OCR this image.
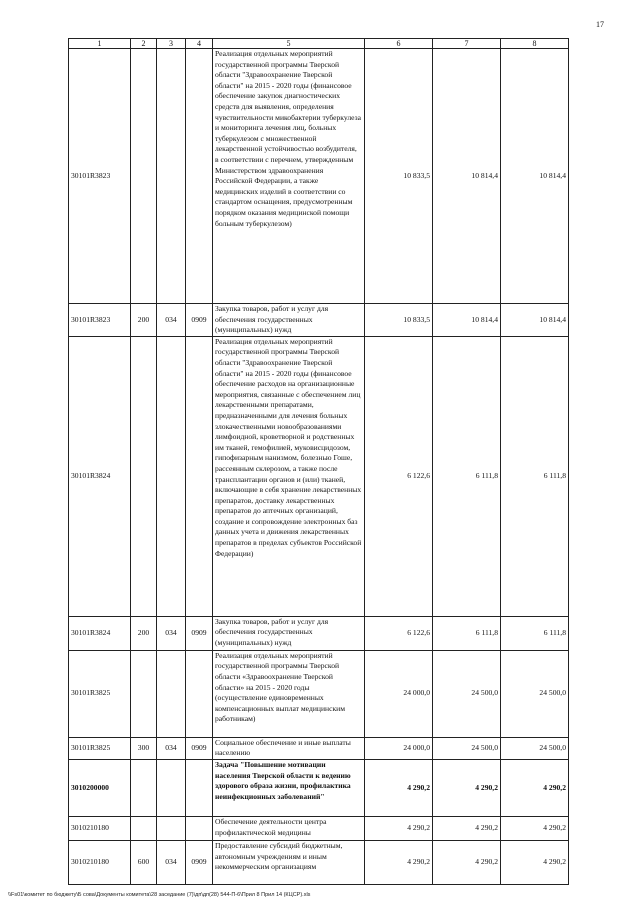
17
1	2	3	4	5	6	7	8
30101R3823				Реализация отдельных мероприятий государственной программы Тверской области "Здравоохранение Тверской области" на 2015 - 2020 годы (финансовое обеспечение закупок диагностических средств для выявления, определения чувствительности микобактерии туберкулеза и мониторинга лечения лиц, больных туберкулезом с множественной лекарственной устойчивостью возбудителя, в соответствии с перечнем, утвержденным Министерством здравоохранения Российской Федерации, а также медицинских изделий в соответствии со стандартом оснащения, предусмотренным порядком оказания медицинской помощи больным туберкулезом)	10 833,5	10 814,4	10 814,4
30101R3823	200	034	0909	Закупка товаров, работ и услуг для обеспечения государственных (муниципальных) нужд	10 833,5	10 814,4	10 814,4
30101R3824				Реализация отдельных мероприятий государственной программы Тверской области "Здравоохранение Тверской области" на 2015 - 2020 годы (финансовое обеспечение расходов на организационные мероприятия, связанные с обеспечением лиц лекарственными препаратами, предназначенными для лечения больных злокачественными новообразованиями лимфоидной, кроветворной и родственных им тканей, гемофилией, муковисцидозом, гипофизарным нанизмом, болезнью Гоше, рассеянным склерозом, а также после трансплантации органов и (или) тканей, включающие в себя хранение лекарственных препаратов, доставку лекарственных препаратов до аптечных организаций, создание и сопровождение электронных баз данных учета и движения лекарственных препаратов в пределах субъектов Российской Федерации)	6 122,6	6 111,8	6 111,8
30101R3824	200	034	0909	Закупка товаров, работ и услуг для обеспечения государственных (муниципальных) нужд	6 122,6	6 111,8	6 111,8
30101R3825				Реализация отдельных мероприятий государственной программы Тверской области «Здравоохранение Тверской области» на 2015 - 2020 годы (осуществление единовременных компенсационных выплат медицинским работникам)	24 000,0	24 500,0	24 500,0
30101R3825	300	034	0909	Социальное обеспечение и иные выплаты населению	24 000,0	24 500,0	24 500,0
3010200000				Задача "Повышение мотивации населения Тверской области к ведению здорового образа жизни, профилактика неинфекционных заболеваний"	4 290,2	4 290,2	4 290,2
3010210180				Обеспечение деятельности центра профилактической медицины	4 290,2	4 290,2	4 290,2
3010210180	600	034	0909	Предоставление субсидий бюджетным, автономным учреждениям и иным некоммерческим организациям	4 290,2	4 290,2	4 290,2
\\Fs01\комитет по бюджету\Б сова\Документы комитета\28 заседание (7)\дп\дп(28) 544-П-6\Прил 8 Прил 14 (КЦСР).xls
